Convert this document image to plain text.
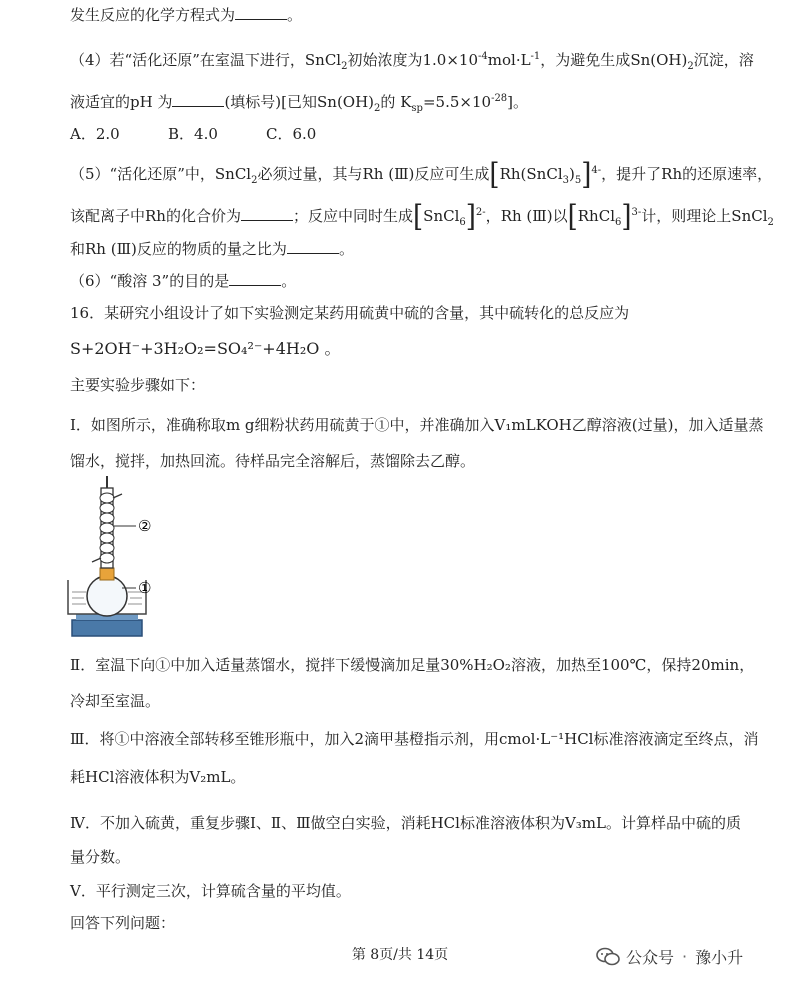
发生反应的化学方程式为	。
（4）若“活化还原”在室温下进行，SnCl$_2$初始浓度为$1.0\times 10^{-4}mol\cdot L^{-1}$，为避免生成$Sn(OH)_2$沉淀，溶
液适宜的pH 为	(填标号)[已知$Sn(OH)_2$的 $K_{sp}=5.5\times 10^{-28}$]。
A．2.0	B．4.0	C．6.0
（5）“活化还原”中，SnCl$_2$必须过量，其与Rh (Ⅲ)反应可生成$[Rh(SnCl_3)_5]^{4-}$，提升了Rh的还原速率，
该配离子中Rh的化合价为	；反应中同时生成[SnCl$_6$]$^{2-}$，Rh (Ⅲ)以[RhCl$_6$]$^{3-}$计，则理论上SnCl$_2$
和Rh (Ⅲ)反应的物质的量之比为	。
（6）“酸溶 3”的目的是	。
16．某研究小组设计了如下实验测定某药用硫黄中硫的含量，其中硫转化的总反应为
S+2OH⁻+3H₂O₂=SO₄²⁻+4H₂O 。
主要实验步骤如下：
Ⅰ．如图所示，准确称取m g细粉状药用硫黄于①中，并准确加入V₁mLKOH乙醇溶液(过量)，加入适量蒸
馏水，搅拌，加热回流。待样品完全溶解后，蒸馏除去乙醇。
②
①
Ⅱ．室温下向①中加入适量蒸馏水，搅拌下缓慢滴加足量30%H₂O₂溶液，加热至100℃，保持20min，
冷却至室温。
Ⅲ．将①中溶液全部转移至锥形瓶中，加入2滴甲基橙指示剂，用cmol·L⁻¹HCl标准溶液滴定至终点，消
耗HCl溶液体积为V₂mL。
Ⅳ．不加入硫黄，重复步骤Ⅰ、Ⅱ、Ⅲ做空白实验，消耗HCl标准溶液体积为V₃mL。计算样品中硫的质
量分数。
Ⅴ．平行测定三次，计算硫含量的平均值。
回答下列问题：
第 8页/共 14页	公众号 · 豫小升
